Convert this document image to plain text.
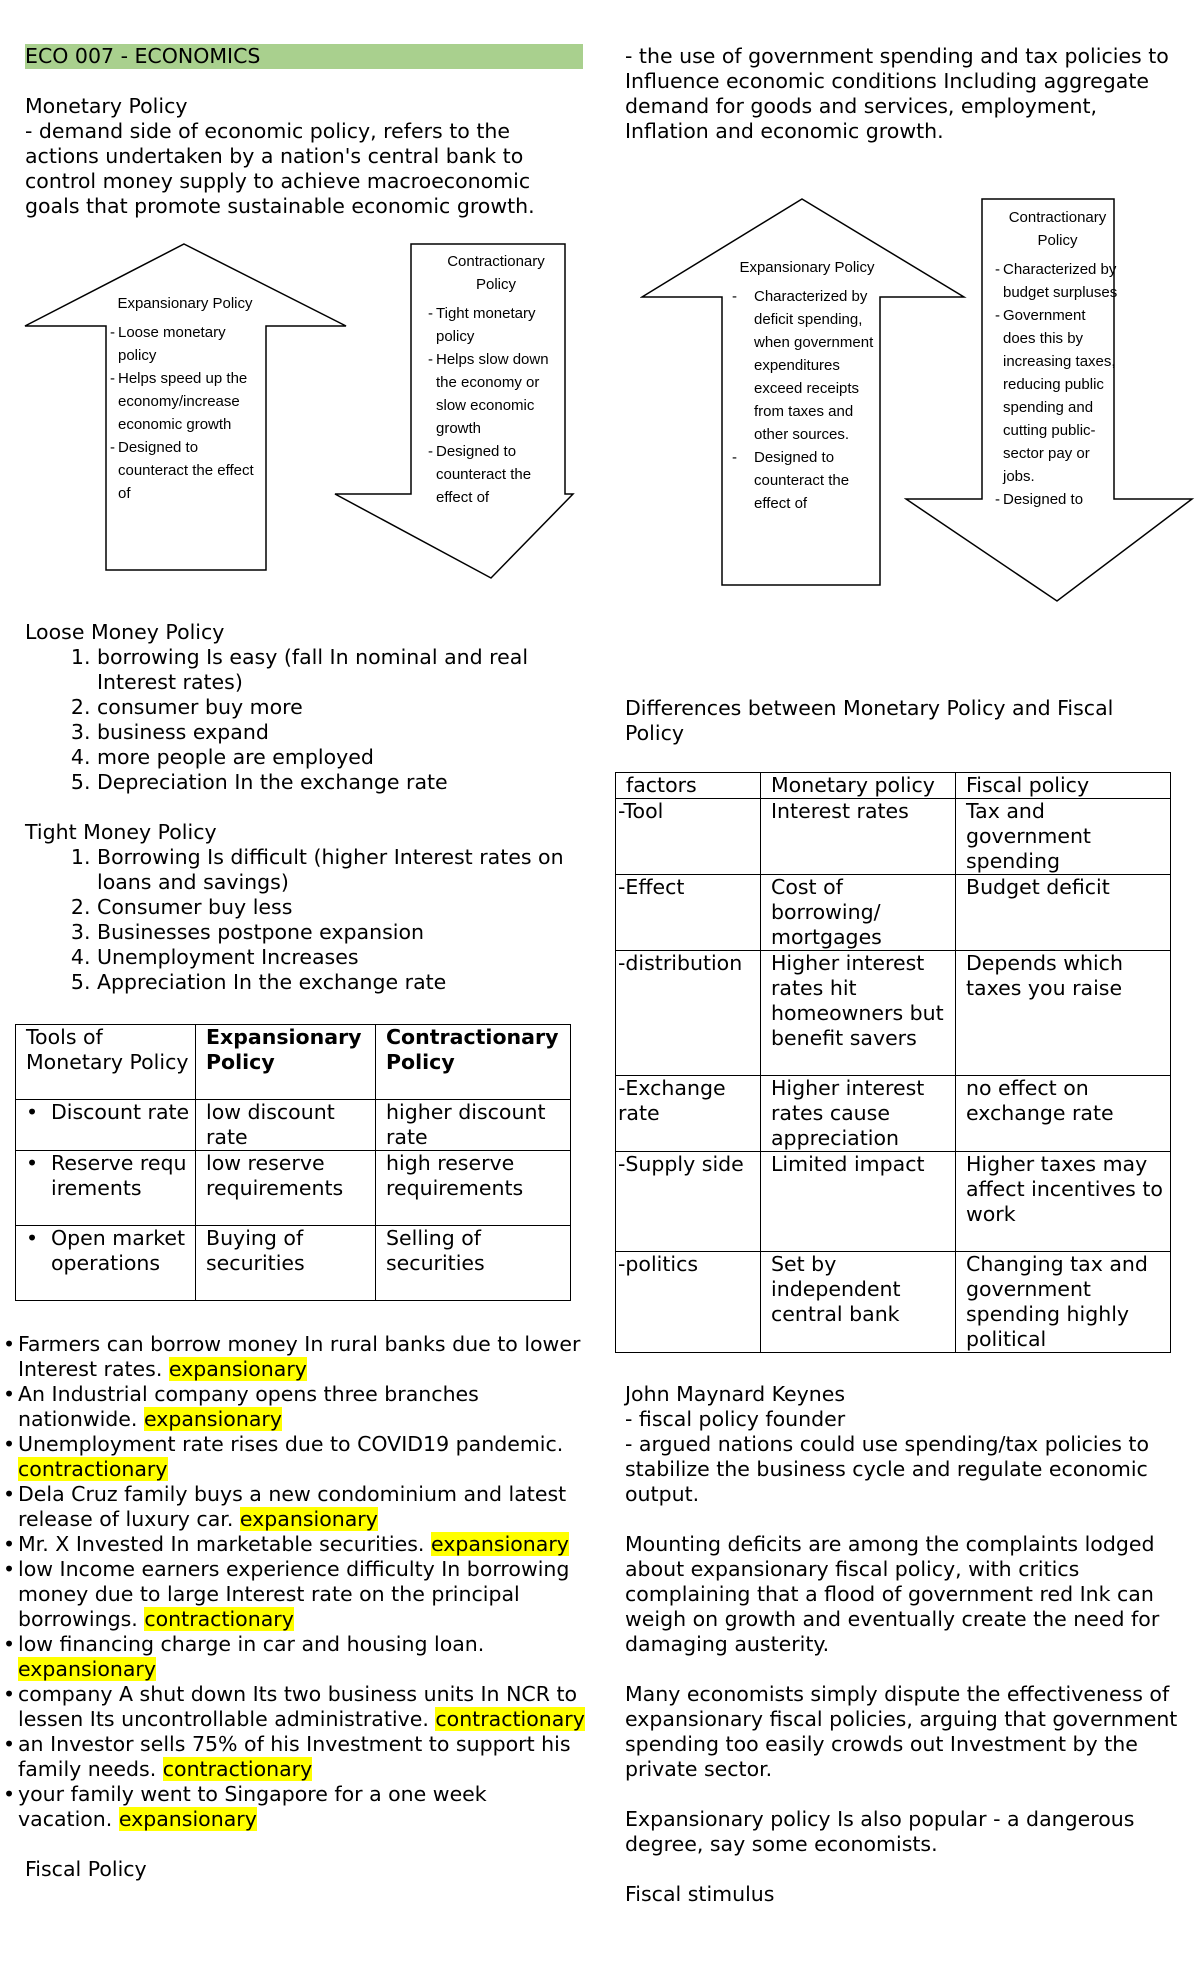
ECO 007 - ECONOMICS
Monetary Policy
- demand side of economic policy, refers to the actions undertaken by a nation's central bank to control money supply to achieve macroeconomic goals that promote sustainable economic growth.
Expansionary Policy
- Loose monetary policy
- Helps speed up the economy/increase economic growth
- Designed to counteract the effect of
Contractionary Policy
- Tight monetary policy
- Helps slow down the economy or slow economic growth
- Designed to counteract the effect of
Loose Money Policy
1. borrowing Is easy (fall In nominal and real Interest rates)
2. consumer buy more
3. business expand
4. more people are employed
5. Depreciation In the exchange rate
Tight Money Policy
1. Borrowing Is difficult (higher Interest rates on loans and savings)
2. Consumer buy less
3. Businesses postpone expansion
4. Unemployment Increases
5. Appreciation In the exchange rate
Tools of Monetary Policy	Expansionary Policy	Contractionary Policy

• Discount rate	low discount rate	higher discount rate

• Reserve requirements	low reserve requirements	high reserve requirements

• Open market operations	Buying of securities	Selling of securities
• Farmers can borrow money In rural banks due to lower Interest rates. expansionary
• An Industrial company opens three branches nationwide. expansionary
• Unemployment rate rises due to COVID19 pandemic. contractionary
• Dela Cruz family buys a new condominium and latest release of luxury car. expansionary
• Mr. X Invested In marketable securities. expansionary
• low Income earners experience difficulty In borrowing money due to large Interest rate on the principal borrowings. contractionary
• low financing charge in car and housing loan. expansionary
• company A shut down Its two business units In NCR to lessen Its uncontrollable administrative. contractionary
• an Investor sells 75% of his Investment to support his family needs. contractionary
• your family went to Singapore for a one week vacation. expansionary
Fiscal Policy
- the use of government spending and tax policies to Influence economic conditions Including aggregate demand for goods and services, employment, Inflation and economic growth.
Expansionary Policy
- Characterized by deficit spending, when government expenditures exceed receipts from taxes and other sources.
- Designed to counteract the effect of
Contractionary Policy
- Characterized by budget surpluses
- Government does this by increasing taxes, reducing public spending and cutting public-sector pay or jobs.
- Designed to
Differences between Monetary Policy and Fiscal Policy
factors	Monetary policy	Fiscal policy
-Tool	Interest rates	Tax and government spending
-Effect	Cost of borrowing/ mortgages	Budget deficit
-distribution	Higher interest rates hit homeowners but benefit savers	Depends which taxes you raise
-Exchange rate	Higher interest rates cause appreciation	no effect on exchange rate
-Supply side	Limited impact	Higher taxes may affect incentives to work
-politics	Set by independent central bank	Changing tax and government spending highly political
John Maynard Keynes
- fiscal policy founder
- argued nations could use spending/tax policies to stabilize the business cycle and regulate economic output.
Mounting deficits are among the complaints lodged about expansionary fiscal policy, with critics complaining that a flood of government red Ink can weigh on growth and eventually create the need for damaging austerity.
Many economists simply dispute the effectiveness of expansionary fiscal policies, arguing that government spending too easily crowds out Investment by the private sector.
Expansionary policy Is also popular - a dangerous degree, say some economists.
Fiscal stimulus
